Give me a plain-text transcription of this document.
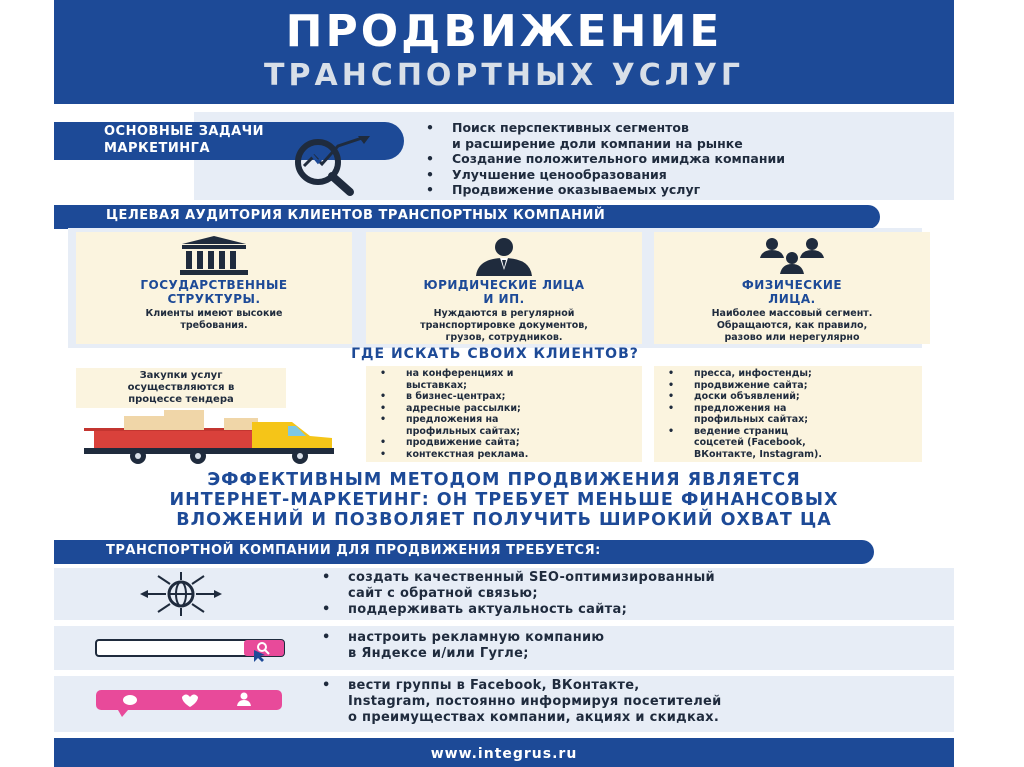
ПРОДВИЖЕНИЕ
ТРАНСПОРТНЫХ УСЛУГ
ОСНОВНЫЕ ЗАДАЧИ
МАРКЕТИНГА
• Поиск перспективных сегментов
и расширение доли компании на рынке
• Создание положительного имиджа компании
• Улучшение ценообразования
• Продвижение оказываемых услуг
ЦЕЛЕВАЯ АУДИТОРИЯ КЛИЕНТОВ ТРАНСПОРТНЫХ КОМПАНИЙ
ГОСУДАРСТВЕННЫЕ
СТРУКТУРЫ.
Клиенты имеют высокие
требования.
ЮРИДИЧЕСКИЕ ЛИЦА
И ИП.
Нуждаются в регулярной
транспортировке документов,
грузов, сотрудников.
ФИЗИЧЕСКИЕ
ЛИЦА.
Наиболее массовый сегмент.
Обращаются, как правило,
разово или нерегулярно
ГДЕ ИСКАТЬ СВОИХ КЛИЕНТОВ?
Закупки услуг
осуществляются в
процессе тендера
• на конференциях и
выставках;
• в бизнес-центрах;
• адресные рассылки;
• предложения на
профильных сайтах;
• продвижение сайта;
• контекстная реклама.
• пресса, инфостенды;
• продвижение сайта;
• доски объявлений;
• предложения на
профильных сайтах;
• ведение страниц
соцсетей (Facebook,
ВКонтакте, Instagram).
ЭФФЕКТИВНЫМ МЕТОДОМ ПРОДВИЖЕНИЯ ЯВЛЯЕТСЯ
ИНТЕРНЕТ-МАРКЕТИНГ: ОН ТРЕБУЕТ МЕНЬШЕ ФИНАНСОВЫХ
ВЛОЖЕНИЙ И ПОЗВОЛЯЕТ ПОЛУЧИТЬ ШИРОКИЙ ОХВАТ ЦА
ТРАНСПОРТНОЙ КОМПАНИИ ДЛЯ ПРОДВИЖЕНИЯ ТРЕБУЕТСЯ:
• создать качественный SEO-оптимизированный
сайт с обратной связью;
• поддерживать актуальность сайта;
• настроить рекламную компанию
в Яндексе и/или Гугле;
• вести группы в Facebook, ВКонтакте,
Instagram, постоянно информируя посетителей
о преимуществах компании, акциях и скидках.
www.integrus.ru
